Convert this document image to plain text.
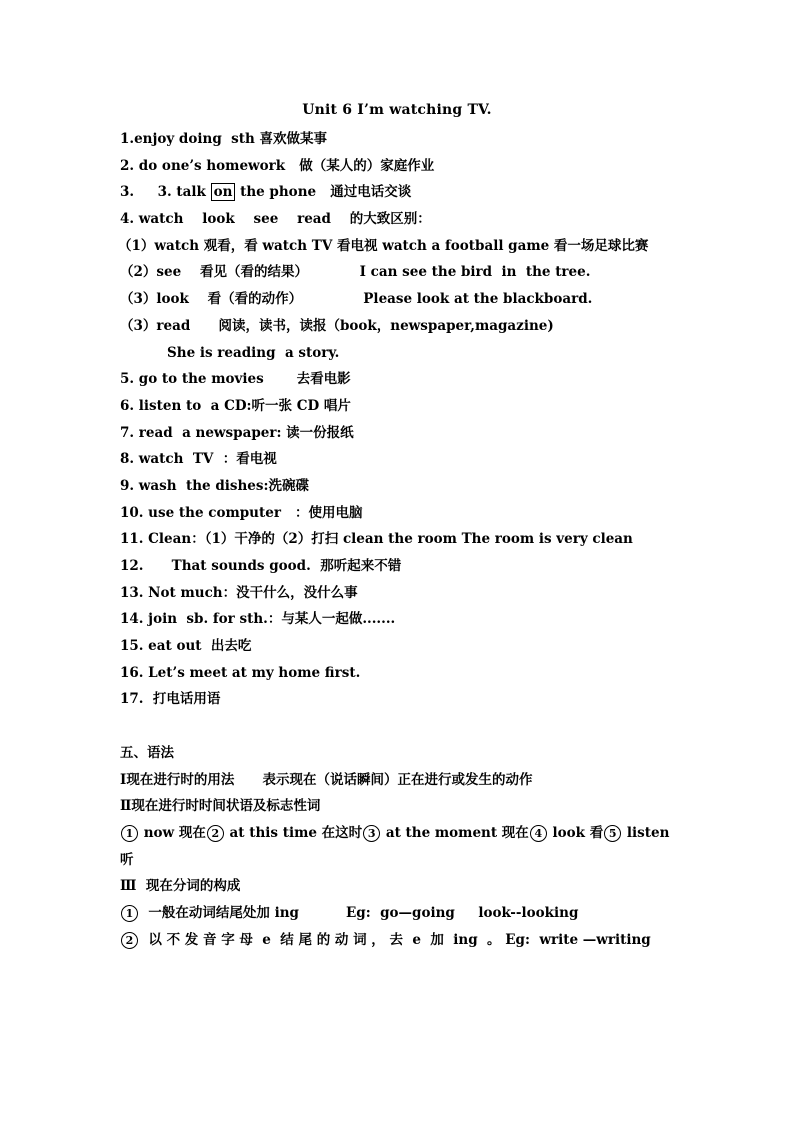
Unit 6 I’m watching TV.
1.enjoy doing  sth 喜欢做某事
2. do one’s homework   做（某人的）家庭作业
3.     3. talk on the phone   通过电话交谈
4. watch    look    see    read    的大致区别：
（1）watch 观看，看 watch TV 看电视 watch a football game 看一场足球比赛
（2）see    看见（看的结果）           I can see the bird  in  the tree.
（3）look    看（看的动作）             Please look at the blackboard.
（3）read      阅读，读书，读报（book，newspaper,magazine)
She is reading  a story.
5. go to the movies       去看电影
6. listen to  a CD:听一张 CD 唱片
7. read  a newspaper: 读一份报纸
8. watch  TV  ：看电视
9. wash  the dishes:洗碗碟
10. use the computer   ：使用电脑
11. Clean：（1）干净的（2）打扫 clean the room The room is very clean
12.      That sounds good.  那听起来不错
13. Not much：没干什么，没什么事
14. join  sb. for sth.：与某人一起做.......
15. eat out  出去吃
16. Let’s meet at my home first.
17.  打电话用语
五、语法
Ⅰ现在进行时的用法      表示现在（说话瞬间）正在进行或发生的动作
Ⅱ现在进行时时间状语及标志性词
1 now 现在 2 at this time 在这时 3 at the moment 现在 4 look 看 5 listen 听
Ⅲ  现在分词的构成
1  一般在动词结尾处加 ing          Eg:  go—going     look--looking
2  以 不 发 音 字 母  e  结 尾 的 动 词 ， 去  e  加  ing  。 Eg:  write —writing
